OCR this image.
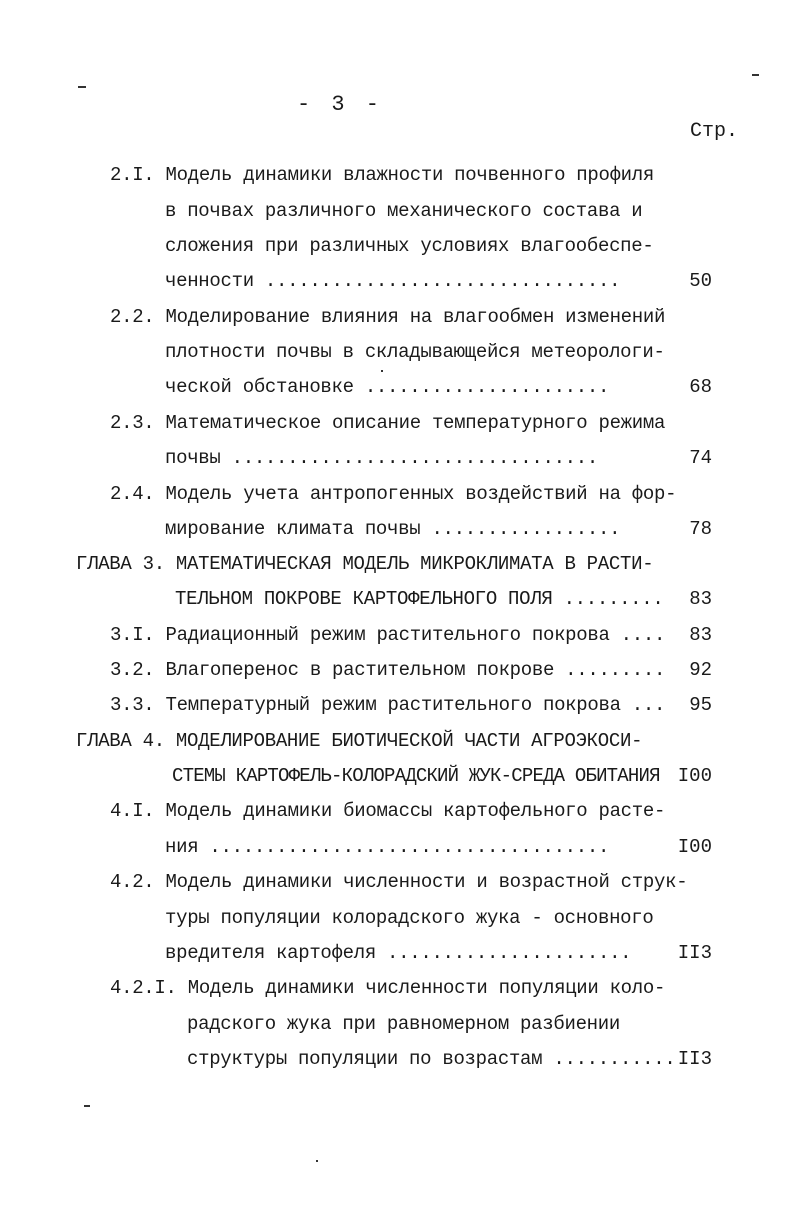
- 3 -
Стр.
2.I. Модель динамики влажности почвенного профиля
в почвах различного механического состава и
сложения при различных условиях влагообеспе-
ченности ................................	50
2.2. Моделирование влияния на влагообмен изменений
плотности почвы в складывающейся метеорологи-
ческой обстановке ......................	68
2.3. Математическое описание температурного режима
почвы .................................	74
2.4. Модель учета антропогенных воздействий на фор-
мирование климата почвы .................	78
ГЛАВА 3. МАТЕМАТИЧЕСКАЯ МОДЕЛЬ МИКРОКЛИМАТА В РАСТИ-
ТЕЛЬНОМ ПОКРОВЕ КАРТОФЕЛЬНОГО ПОЛЯ .........	83
3.I. Радиационный режим растительного покрова ....	83
3.2. Влагоперенос в растительном покрове .........	92
3.3. Температурный режим растительного покрова ...	95
ГЛАВА 4. МОДЕЛИРОВАНИЕ БИОТИЧЕСКОЙ ЧАСТИ АГРОЭКОСИ-
СТЕМЫ КАРТОФЕЛЬ-КОЛОРАДСКИЙ ЖУК-СРЕДА ОБИТАНИЯ I00
4.I. Модель динамики биомассы картофельного расте-
ния ....................................	I00
4.2. Модель динамики численности и возрастной струк-
туры популяции колорадского жука - основного
вредителя картофеля ......................	II3
4.2.I. Модель динамики численности популяции коло-
радского жука при равномерном разбиении
структуры популяции по возрастам ........... II3
